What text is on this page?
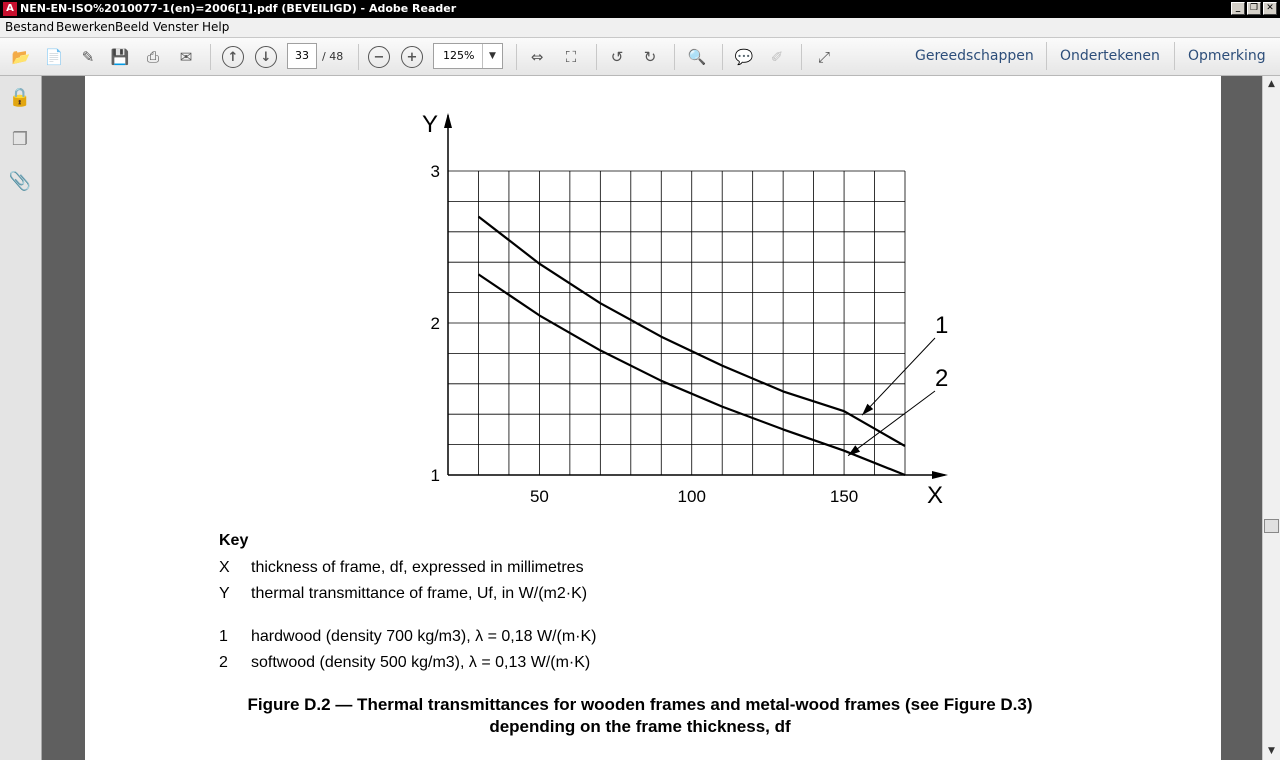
A NEN-EN-ISO%2010077-1(en)=2006[1].pdf (BEVEILIGD) - Adobe Reader	_	❐ ✕
Bestand Bewerken Beeld Venster Help
📂 📄	✎	💾	⎙	✉	↑	↓	−	+	⇔	⛶	↺	↻	🔍 💬	✐	⤢
33	/ 48	125%	▼	Gereedschappen Ondertekenen Opmerking
🔒
❐
📎
Y
X
50	100	150
1
2
3
1
2
Key
X thickness of frame, df, expressed in millimetres
Y thermal transmittance of frame, Uf, in W/(m2·K)
1 hardwood (density 700 kg/m3), λ = 0,18 W/(m·K)
2 softwood (density 500 kg/m3), λ = 0,13 W/(m·K)
Figure D.2 — Thermal transmittances for wooden frames and metal-wood frames (see Figure D.3)
depending on the frame thickness, df
▲
▼
